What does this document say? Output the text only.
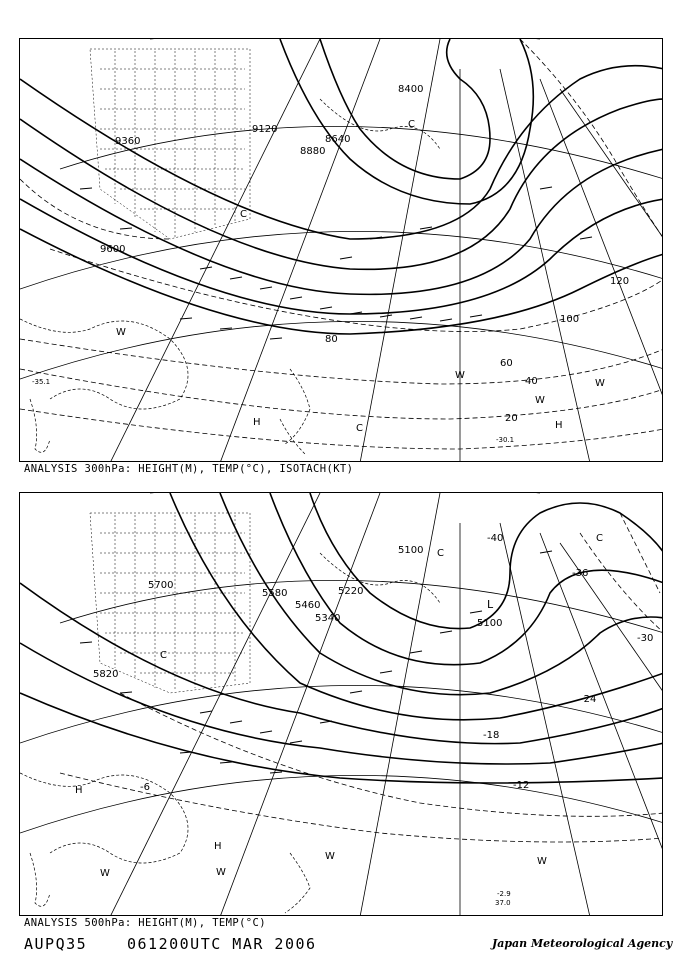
8400
8640
8880
9120
9360
9600
20
40
60
80
100
120
H	H
C
C
C
W
W
W
W
-30.1
-35.1
ANALYSIS 300hPa: HEIGHT(M), TEMP(°C), ISOTACH(KT)
5100
5220
5340
5460
5580
5700
5820
5100
-40
-36
-30
-24
-18
-12
-6
H
H
C
C
C
L
W	W
W	W
-2.9
37.0
ANALYSIS 500hPa: HEIGHT(M), TEMP(°C)
AUPQ35	061200UTC MAR 2006	Japan Meteorological Agency
